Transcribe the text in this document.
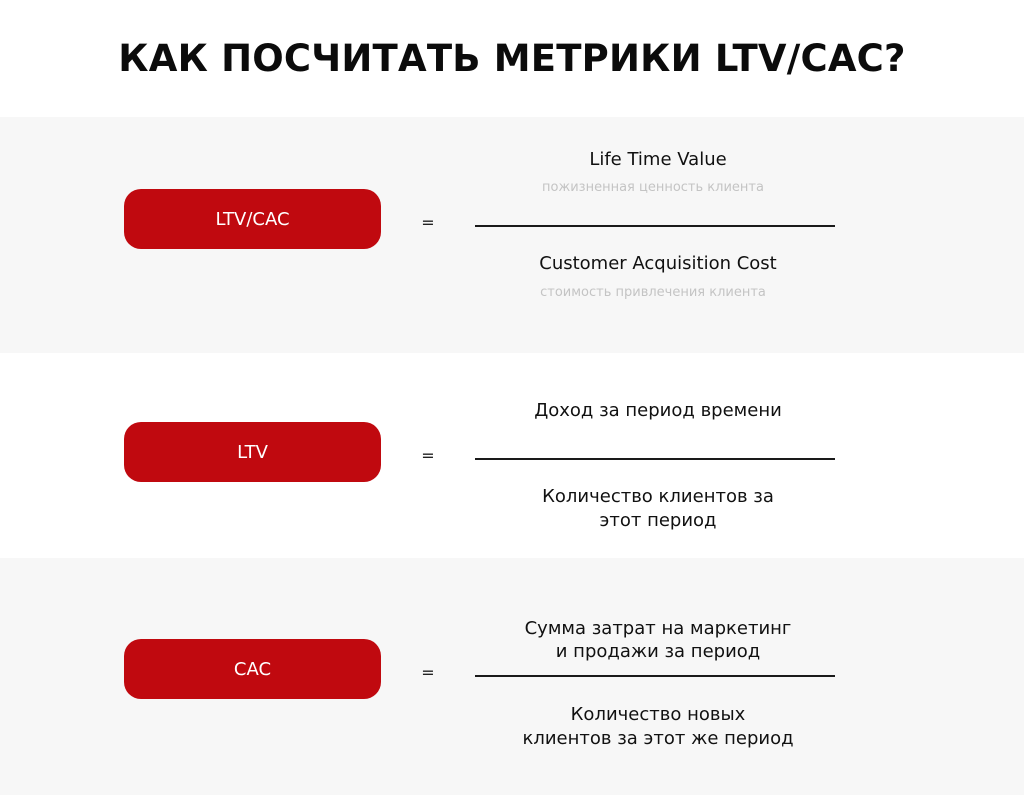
КАК ПОСЧИТАТЬ МЕТРИКИ LTV/CAC?
LTV/CAC	=
Life Time Value
пожизненная ценность клиента
Customer Acquisition Cost
стоимость привлечения клиента
LTV	=
Доход за период времени
Количество клиентов за
этот период
CAC	=
Сумма затрат на маркетинг
и продажи за период
Количество новых
клиентов за этот же период
